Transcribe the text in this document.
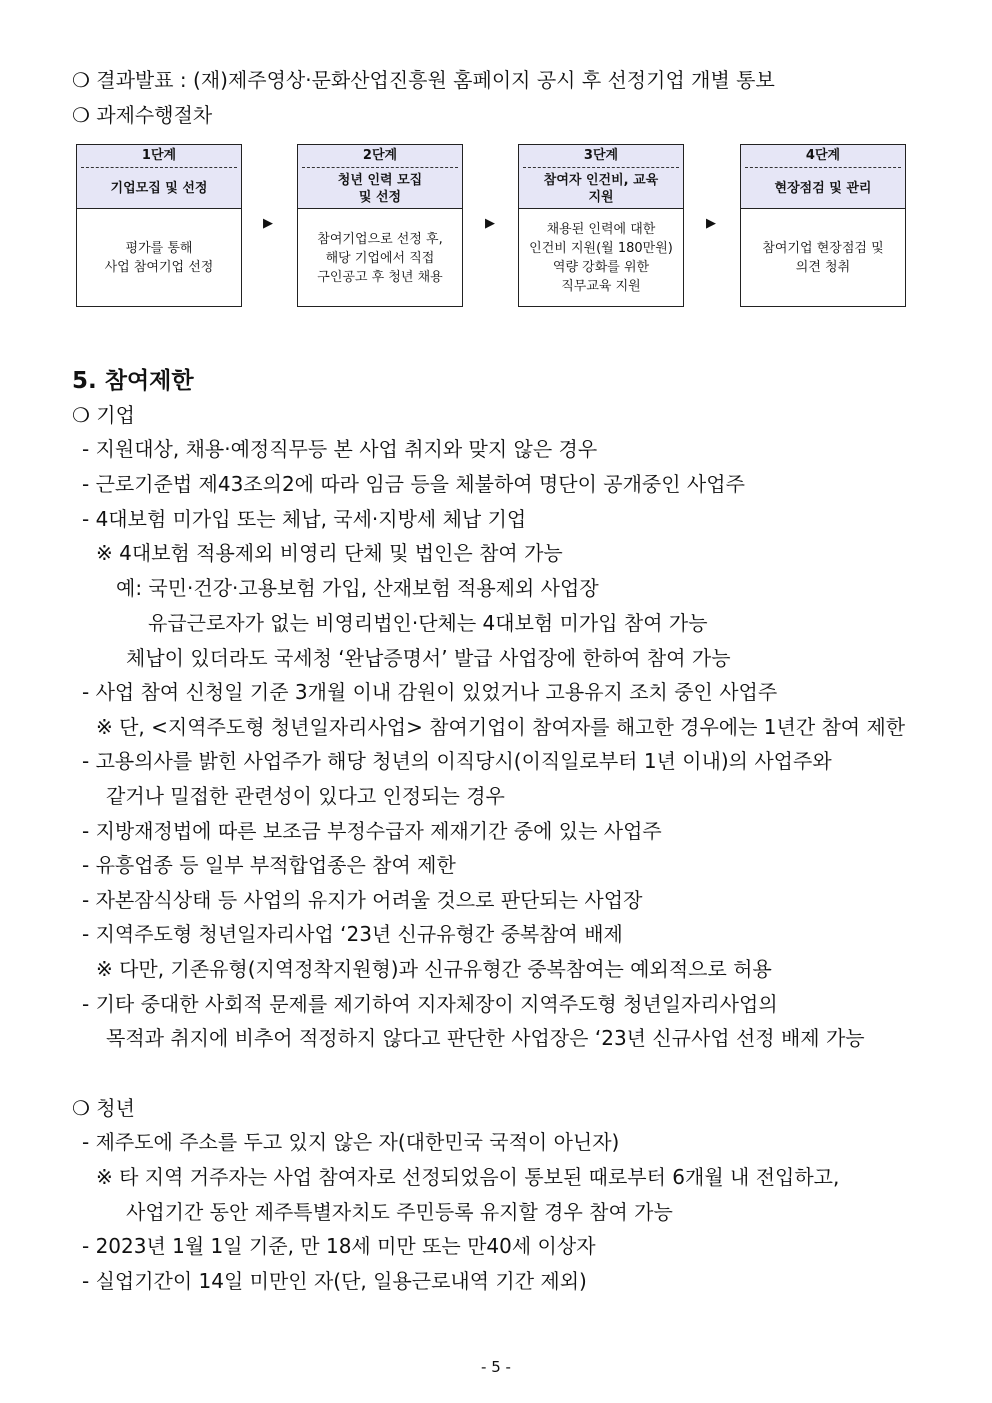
❍ 결과발표 : (재)제주영상·문화산업진흥원 홈페이지 공시 후 선정기업 개별 통보
❍ 과제수행절차
1단계
기업모집 및 선정
평가를 통해
사업 참여기업 선정
▶
2단계
청년 인력 모집
및 선정
참여기업으로 선정 후,
해당 기업에서 직접
구인공고 후 청년 채용
▶
3단계
참여자 인건비, 교육
지원
채용된 인력에 대한
인건비 지원(월 180만원)
역량 강화를 위한
직무교육 지원
▶
4단계
현장점검 및 관리
참여기업 현장점검 및
의견 청취
5. 참여제한
❍ 기업
- 지원대상, 채용·예정직무등 본 사업 취지와 맞지 않은 경우
- 근로기준법 제43조의2에 따라 임금 등을 체불하여 명단이 공개중인 사업주
- 4대보험 미가입 또는 체납, 국세·지방세 체납 기업
※ 4대보험 적용제외 비영리 단체 및 법인은 참여 가능
예: 국민·건강·고용보험 가입, 산재보험 적용제외 사업장
유급근로자가 없는 비영리법인·단체는 4대보험 미가입 참여 가능
체납이 있더라도 국세청 ‘완납증명서’ 발급 사업장에 한하여 참여 가능
- 사업 참여 신청일 기준 3개월 이내 감원이 있었거나 고용유지 조치 중인 사업주
※ 단, <지역주도형 청년일자리사업> 참여기업이 참여자를 해고한 경우에는 1년간 참여 제한
- 고용의사를 밝힌 사업주가 해당 청년의 이직당시(이직일로부터 1년 이내)의 사업주와
같거나 밀접한 관련성이 있다고 인정되는 경우
- 지방재정법에 따른 보조금 부정수급자 제재기간 중에 있는 사업주
- 유흥업종 등 일부 부적합업종은 참여 제한
- 자본잠식상태 등 사업의 유지가 어려울 것으로 판단되는 사업장
- 지역주도형 청년일자리사업 ‘23년 신규유형간 중복참여 배제
※ 다만, 기존유형(지역정착지원형)과 신규유형간 중복참여는 예외적으로 허용
- 기타 중대한 사회적 문제를 제기하여 지자체장이 지역주도형 청년일자리사업의
목적과 취지에 비추어 적정하지 않다고 판단한 사업장은 ‘23년 신규사업 선정 배제 가능
❍ 청년
- 제주도에 주소를 두고 있지 않은 자(대한민국 국적이 아닌자)
※ 타 지역 거주자는 사업 참여자로 선정되었음이 통보된 때로부터 6개월 내 전입하고,
사업기간 동안 제주특별자치도 주민등록 유지할 경우 참여 가능
- 2023년 1월 1일 기준, 만 18세 미만 또는 만40세 이상자
- 실업기간이 14일 미만인 자(단, 일용근로내역 기간 제외)
- 5 -
